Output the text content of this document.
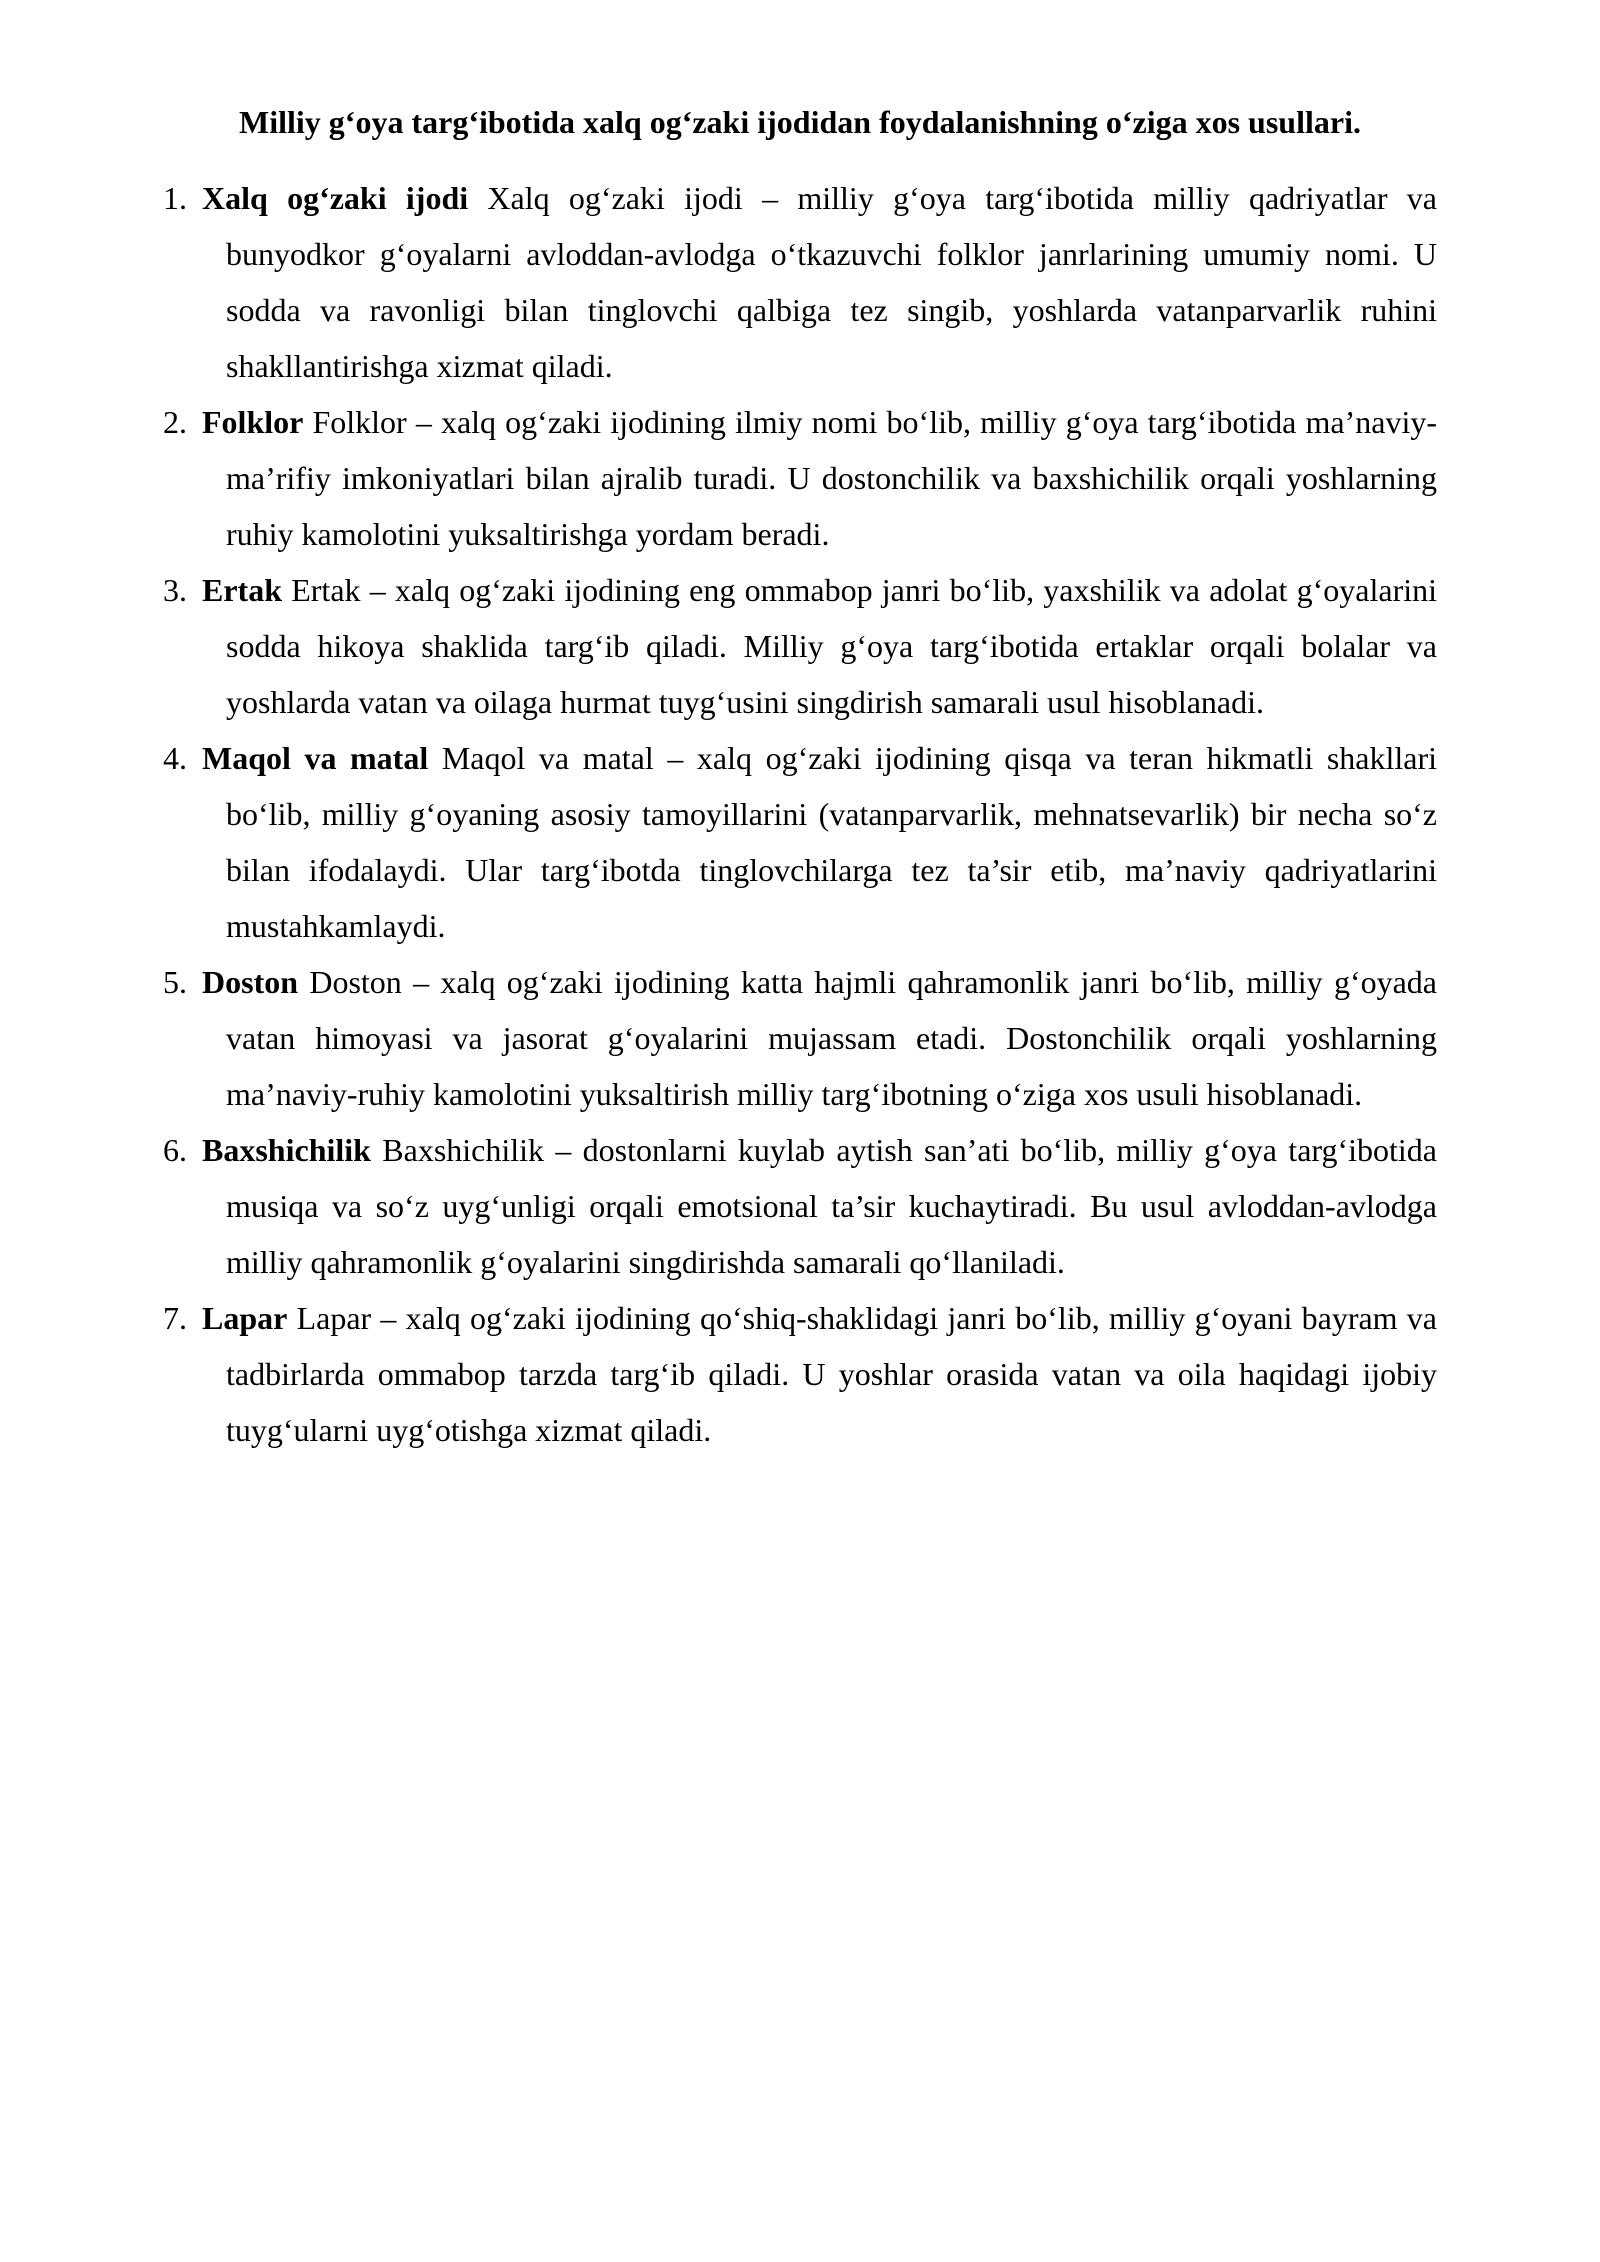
Milliy g‘oya targ‘ibotida xalq og‘zaki ijodidan foydalanishning o‘ziga xos usullari.
1. Xalq og‘zaki ijodi Xalq og‘zaki ijodi – milliy g‘oya targ‘ibotida milliy qadriyatlar va bunyodkor g‘oyalarni avloddan-avlodga o‘tkazuvchi folklor janrlarining umumiy nomi. U sodda va ravonligi bilan tinglovchi qalbiga tez singib, yoshlarda vatanparvarlik ruhini shakllantirishga xizmat qiladi.
2. Folklor Folklor – xalq og‘zaki ijodining ilmiy nomi bo‘lib, milliy g‘oya targ‘ibotida ma’naviy-ma’rifiy imkoniyatlari bilan ajralib turadi. U dostonchilik va baxshichilik orqali yoshlarning ruhiy kamolotini yuksaltirishga yordam beradi.
3. Ertak Ertak – xalq og‘zaki ijodining eng ommabop janri bo‘lib, yaxshilik va adolat g‘oyalarini sodda hikoya shaklida targ‘ib qiladi. Milliy g‘oya targ‘ibotida ertaklar orqali bolalar va yoshlarda vatan va oilaga hurmat tuyg‘usini singdirish samarali usul hisoblanadi.
4. Maqol va matal Maqol va matal – xalq og‘zaki ijodining qisqa va teran hikmatli shakllari bo‘lib, milliy g‘oyaning asosiy tamoyillarini (vatanparvarlik, mehnatsevarlik) bir necha so‘z bilan ifodalaydi. Ular targ‘ibotda tinglovchilarga tez ta’sir etib, ma’naviy qadriyatlarini mustahkamlaydi.
5. Doston Doston – xalq og‘zaki ijodining katta hajmli qahramonlik janri bo‘lib, milliy g‘oyada vatan himoyasi va jasorat g‘oyalarini mujassam etadi. Dostonchilik orqali yoshlarning ma’naviy-ruhiy kamolotini yuksaltirish milliy targ‘ibotning o‘ziga xos usuli hisoblanadi.
6. Baxshichilik Baxshichilik – dostonlarni kuylab aytish san’ati bo‘lib, milliy g‘oya targ‘ibotida musiqa va so‘z uyg‘unligi orqali emotsional ta’sir kuchaytiradi. Bu usul avloddan-avlodga milliy qahramonlik g‘oyalarini singdirishda samarali qo‘llaniladi.
7. Lapar Lapar – xalq og‘zaki ijodining qo‘shiq-shaklidagi janri bo‘lib, milliy g‘oyani bayram va tadbirlarda ommabop tarzda targ‘ib qiladi. U yoshlar orasida vatan va oila haqidagi ijobiy tuyg‘ularni uyg‘otishga xizmat qiladi.
